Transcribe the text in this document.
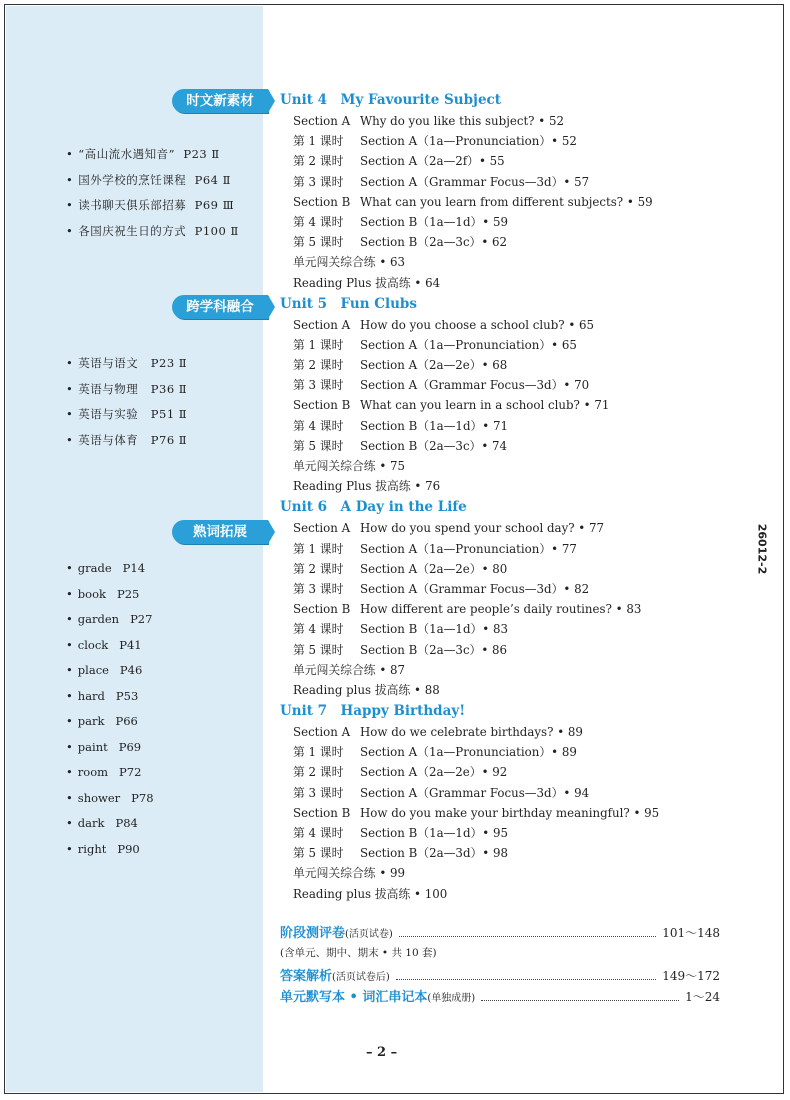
时文新素材
• “高山流水遇知音” P23 Ⅱ
• 国外学校的烹饪课程 P64 Ⅱ
• 读书聊天俱乐部招募 P69 Ⅲ
• 各国庆祝生日的方式 P100 Ⅱ
跨学科融合
• 英语与语文 P23 Ⅱ
• 英语与物理 P36 Ⅱ
• 英语与实验 P51 Ⅱ
• 英语与体育 P76 Ⅱ
熟词拓展
• grade P14
• book P25
• garden P27
• clock P41
• place P46
• hard P53
• park P66
• paint P69
• room P72
• shower P78
• dark P84
• right P90
Unit 4　My Favourite Subject
Section A Why do you like this subject? • 52
第 1 课时 Section A（1a—Pronunciation）• 52
第 2 课时 Section A（2a—2f）• 55
第 3 课时 Section A（Grammar Focus—3d）• 57
Section B What can you learn from different subjects? • 59
第 4 课时 Section B（1a—1d）• 59
第 5 课时 Section B（2a—3c）• 62
单元闯关综合练 • 63
Reading Plus 拔高练 • 64
Unit 5　Fun Clubs
Section A How do you choose a school club? • 65
第 1 课时 Section A（1a—Pronunciation）• 65
第 2 课时 Section A（2a—2e）• 68
第 3 课时 Section A（Grammar Focus—3d）• 70
Section B What can you learn in a school club? • 71
第 4 课时 Section B（1a—1d）• 71
第 5 课时 Section B（2a—3c）• 74
单元闯关综合练 • 75
Reading Plus 拔高练 • 76
Unit 6　A Day in the Life
Section A How do you spend your school day? • 77
第 1 课时 Section A（1a—Pronunciation）• 77
第 2 课时 Section A（2a—2e）• 80
第 3 课时 Section A（Grammar Focus—3d）• 82
Section B How different are people’s daily routines? • 83
第 4 课时 Section B（1a—1d）• 83
第 5 课时 Section B（2a—3c）• 86
单元闯关综合练 • 87
Reading plus 拔高练 • 88
Unit 7　Happy Birthday!
Section A How do we celebrate birthdays? • 89
第 1 课时 Section A（1a—Pronunciation）• 89
第 2 课时 Section A（2a—2e）• 92
第 3 课时 Section A（Grammar Focus—3d）• 94
Section B How do you make your birthday meaningful? • 95
第 4 课时 Section B（1a—1d）• 95
第 5 课时 Section B（2a—3d）• 98
单元闯关综合练 • 99
Reading plus 拔高练 • 100
阶段测评卷 (活页试卷)	101～148
(含单元、期中、期末 • 共 10 套)
答案解析 (活页试卷后)	149～172
单元默写本 • 词汇串记本 (单独成册)	1～24
– 2 –
26012-2
